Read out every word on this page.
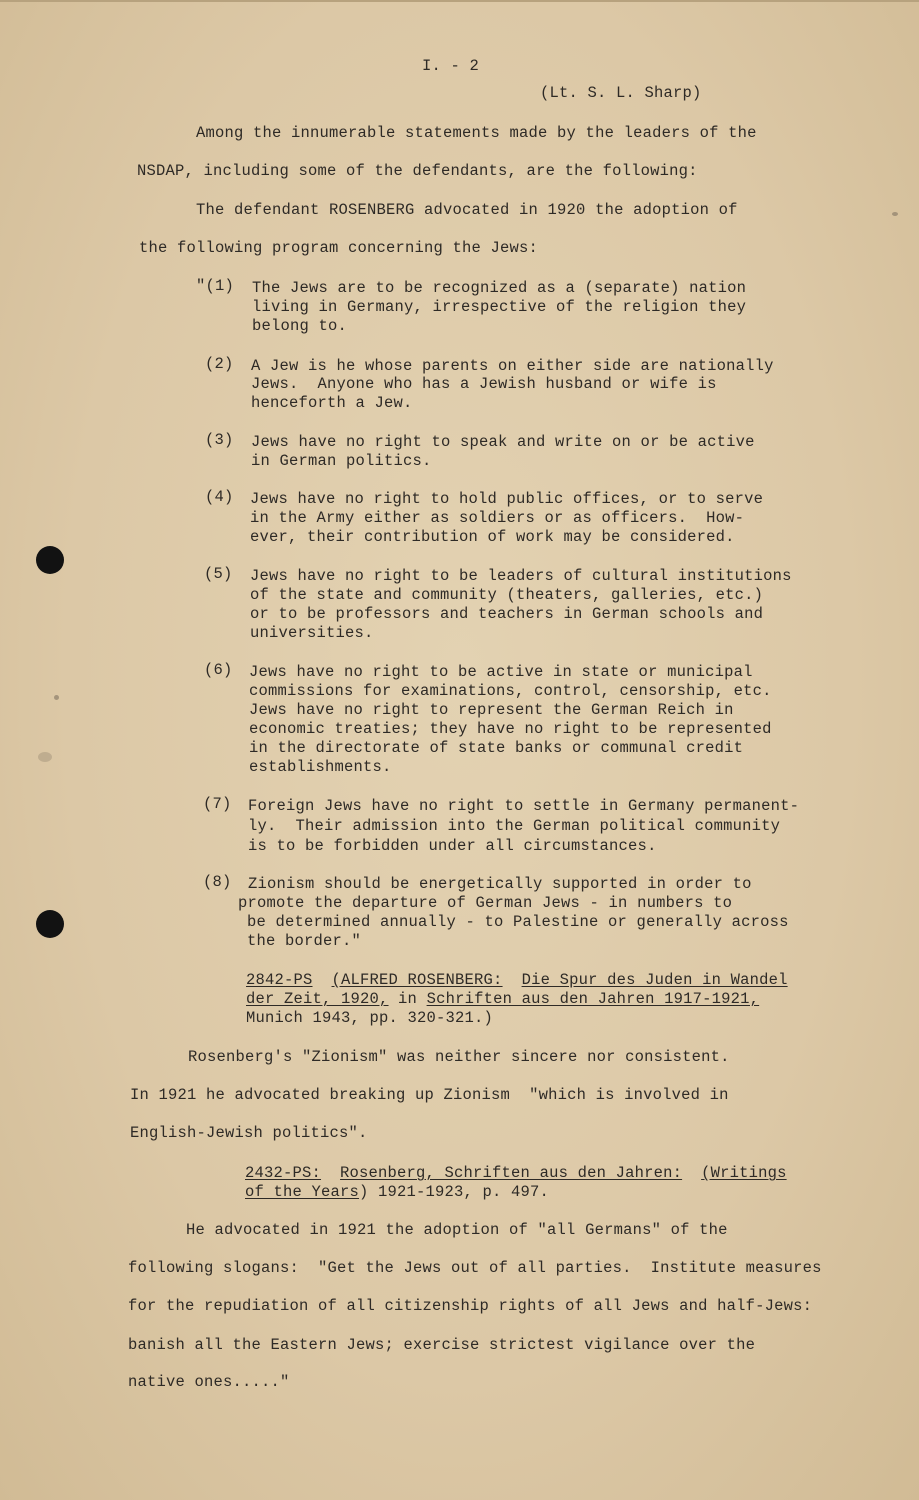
I. - 2
(Lt. S. L. Sharp)
Among the innumerable statements made by the leaders of the
NSDAP, including some of the defendants, are the following:
The defendant ROSENBERG advocated in 1920 the adoption of
the following program concerning the Jews:
"(1) The Jews are to be recognized as a (separate) nation
living in Germany, irrespective of the religion they
belong to.
(2) A Jew is he whose parents on either side are nationally
Jews.  Anyone who has a Jewish husband or wife is
henceforth a Jew.
(3) Jews have no right to speak and write on or be active
in German politics.
(4) Jews have no right to hold public offices, or to serve
in the Army either as soldiers or as officers.  How-
ever, their contribution of work may be considered.
(5) Jews have no right to be leaders of cultural institutions
of the state and community (theaters, galleries, etc.)
or to be professors and teachers in German schools and
universities.
(6) Jews have no right to be active in state or municipal
commissions for examinations, control, censorship, etc.
Jews have no right to represent the German Reich in
economic treaties; they have no right to be represented
in the directorate of state banks or communal credit
establishments.
(7) Foreign Jews have no right to settle in Germany permanent-
ly.  Their admission into the German political community
is to be forbidden under all circumstances.
(8) Zionism should be energetically supported in order to
promote the departure of German Jews - in numbers to
be determined annually - to Palestine or generally across
the border."
2842-PS (ALFRED ROSENBERG: Die Spur des Juden in Wandel
der Zeit, 1920, in Schriften aus den Jahren 1917-1921,
Munich 1943, pp. 320-321.)
Rosenberg's "Zionism" was neither sincere nor consistent.
In 1921 he advocated breaking up Zionism  "which is involved in
English-Jewish politics".
2432-PS: Rosenberg, Schriften aus den Jahren: (Writings
of the Years) 1921-1923, p. 497.
He advocated in 1921 the adoption of "all Germans" of the
following slogans:  "Get the Jews out of all parties.  Institute measures
for the repudiation of all citizenship rights of all Jews and half-Jews:
banish all the Eastern Jews; exercise strictest vigilance over the
native ones....."
